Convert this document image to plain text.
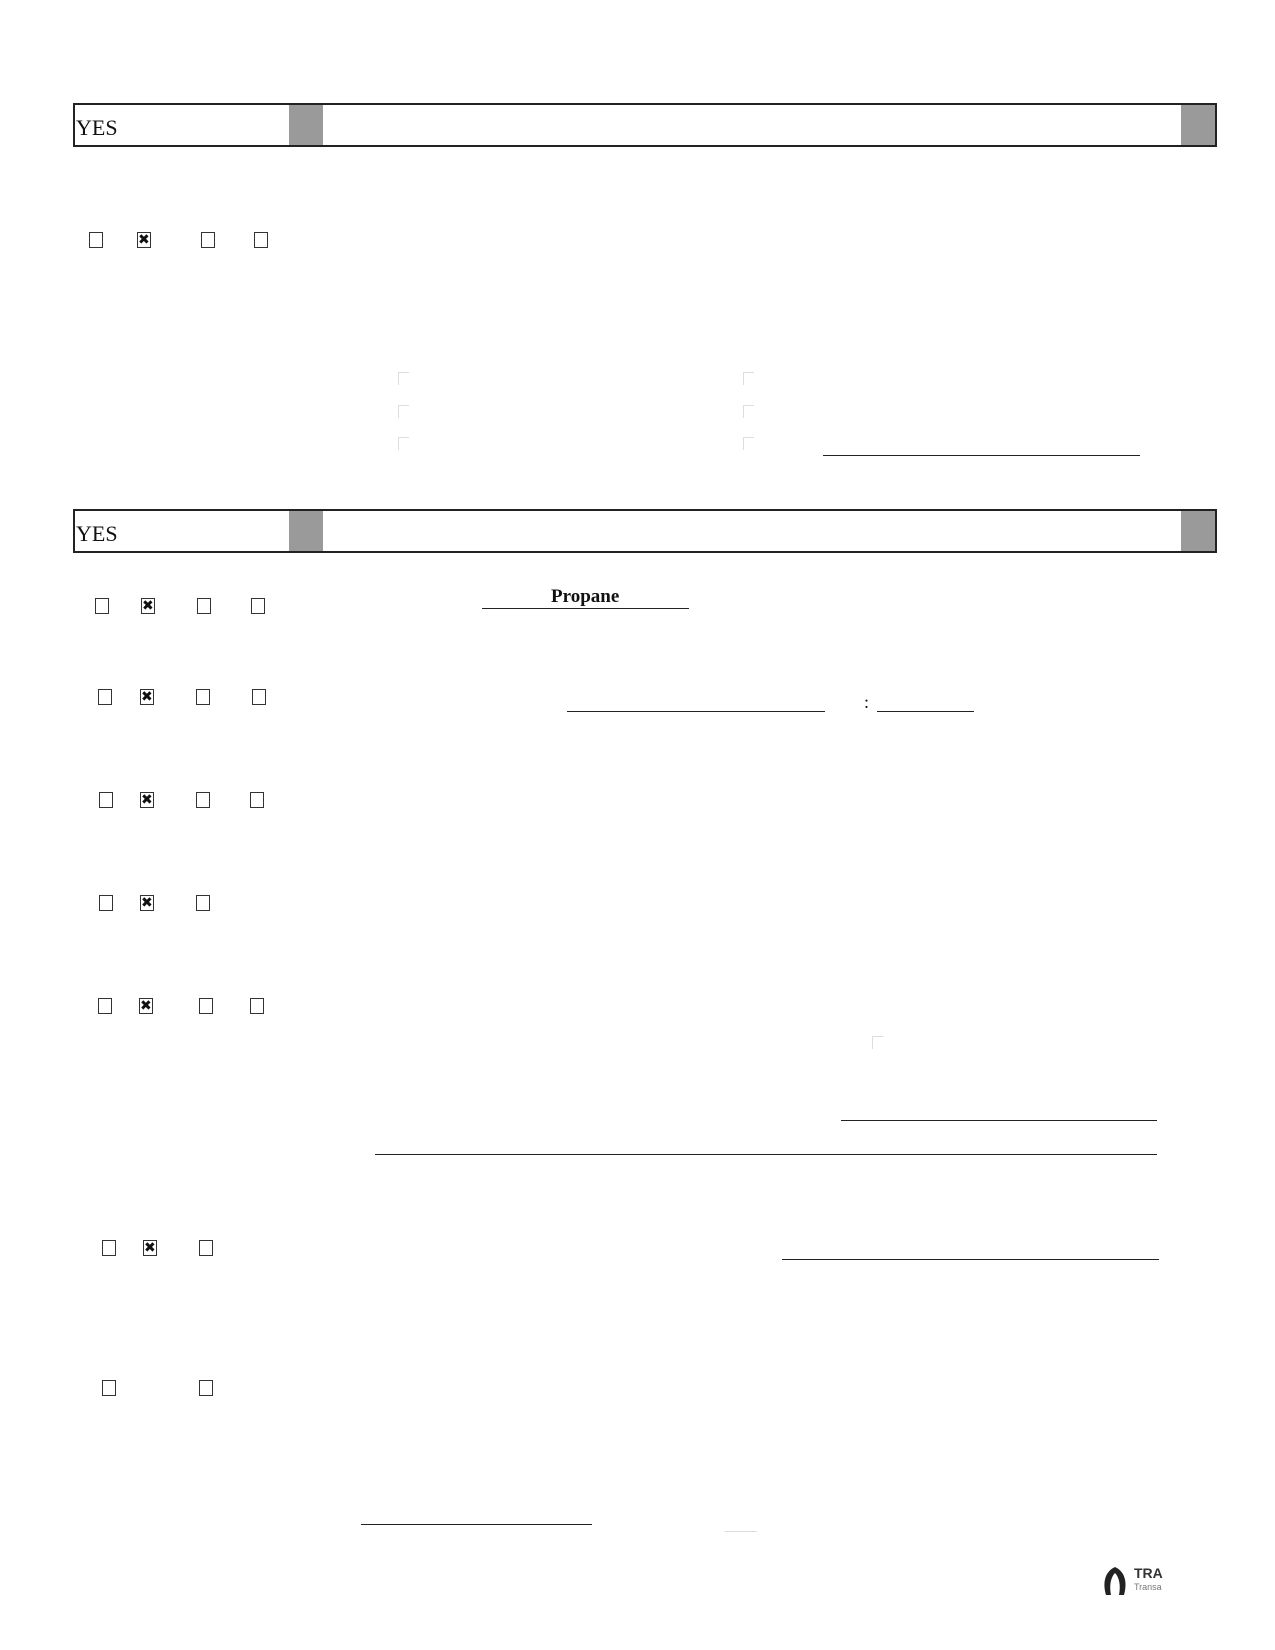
YES
✖
YES
✖
Propane
✖
:
✖
✖
✖
✖
TRA
Transa
